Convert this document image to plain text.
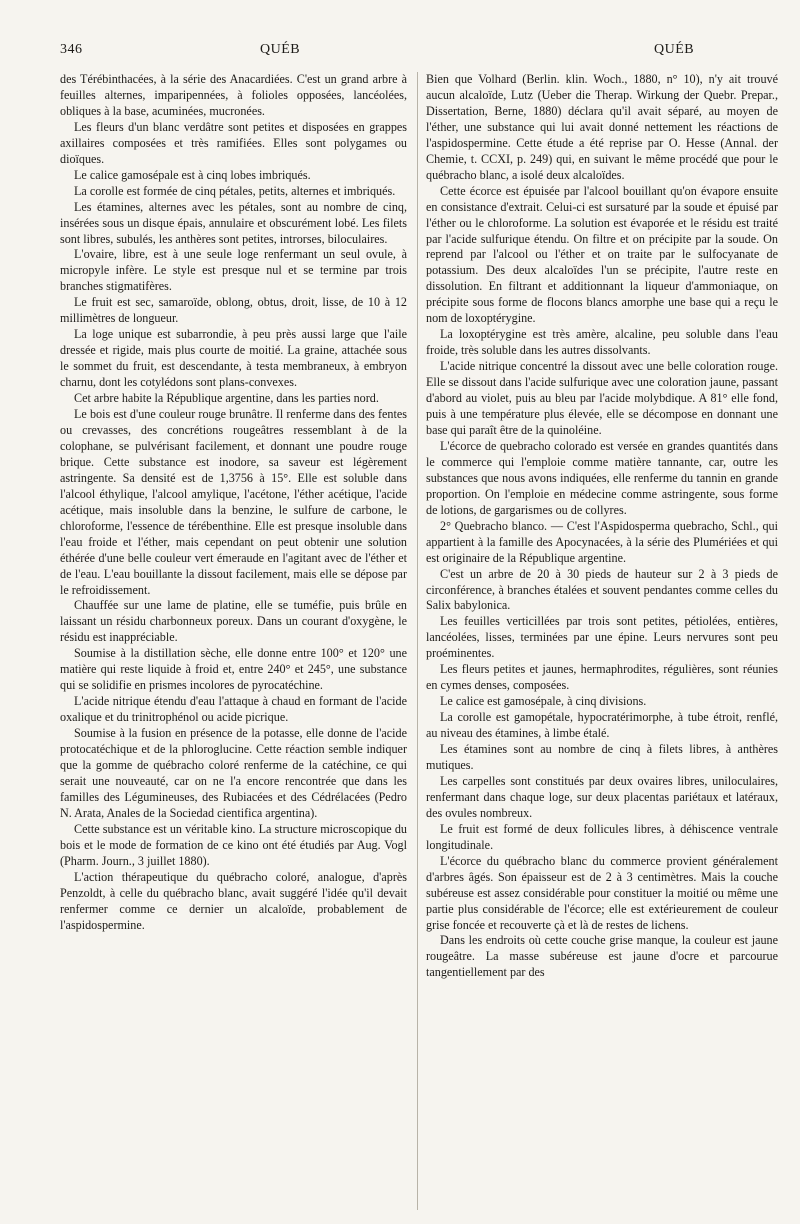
346	QUÉB	QUÉB

des Térébinthacées, à la série des Anacardiées. C'est un grand arbre à feuilles alternes, imparipennées, à folioles opposées, lancéolées, obliques à la base, acuminées, mucronées.

Les fleurs d'un blanc verdâtre sont petites et disposées en grappes axillaires composées et très ramifiées. Elles sont polygames ou dioïques.

Le calice gamosépale est à cinq lobes imbriqués.

La corolle est formée de cinq pétales, petits, alternes et imbriqués.

Les étamines, alternes avec les pétales, sont au nombre de cinq, insérées sous un disque épais, annulaire et obscurément lobé. Les filets sont libres, subulés, les anthères sont petites, introrses, biloculaires.

L'ovaire, libre, est à une seule loge renfermant un seul ovule, à micropyle infère. Le style est presque nul et se termine par trois branches stigmatifères.

Le fruit est sec, samaroïde, oblong, obtus, droit, lisse, de 10 à 12 millimètres de longueur.

La loge unique est subarrondie, à peu près aussi large que l'aile dressée et rigide, mais plus courte de moitié. La graine, attachée sous le sommet du fruit, est descendante, à testa membraneux, à embryon charnu, dont les cotylédons sont plans-convexes.

Cet arbre habite la République argentine, dans les parties nord.

Le bois est d'une couleur rouge brunâtre. Il renferme dans des fentes ou crevasses, des concrétions rougeâtres ressemblant à de la colophane, se pulvérisant facilement, et donnant une poudre rouge brique. Cette substance est inodore, sa saveur est légèrement astringente. Sa densité est de 1,3756 à 15°. Elle est soluble dans l'alcool éthylique, l'alcool amylique, l'acétone, l'éther acétique, l'acide acétique, mais insoluble dans la benzine, le sulfure de carbone, le chloroforme, l'essence de térébenthine. Elle est presque insoluble dans l'eau froide et l'éther, mais cependant on peut obtenir une solution éthérée d'une belle couleur vert émeraude en l'agitant avec de l'éther et de l'eau. L'eau bouillante la dissout facilement, mais elle se dépose par le refroidissement.

Chauffée sur une lame de platine, elle se tuméfie, puis brûle en laissant un résidu charbonneux poreux. Dans un courant d'oxygène, le résidu est inappréciable.

Soumise à la distillation sèche, elle donne entre 100° et 120° une matière qui reste liquide à froid et, entre 240° et 245°, une substance qui se solidifie en prismes incolores de pyrocatéchine.

L'acide nitrique étendu d'eau l'attaque à chaud en formant de l'acide oxalique et du trinitrophénol ou acide picrique.

Soumise à la fusion en présence de la potasse, elle donne de l'acide protocatéchique et de la phloroglucine. Cette réaction semble indiquer que la gomme de québracho coloré renferme de la catéchine, ce qui serait une nouveauté, car on ne l'a encore rencontrée que dans les familles des Légumineuses, des Rubiacées et des Cédrélacées (Pedro N. Arata, Anales de la Sociedad cientifica argentina).

Cette substance est un véritable kino. La structure microscopique du bois et le mode de formation de ce kino ont été étudiés par Aug. Vogl (Pharm. Journ., 3 juillet 1880).

L'action thérapeutique du québracho coloré, analogue, d'après Penzoldt, à celle du québracho blanc, avait suggéré l'idée qu'il devait renfermer comme ce dernier un alcaloïde, probablement de l'aspidospermine.

Bien que Volhard (Berlin. klin. Woch., 1880, n° 10), n'y ait trouvé aucun alcaloïde, Lutz (Ueber die Therap. Wirkung der Quebr. Prepar., Dissertation, Berne, 1880) déclara qu'il avait séparé, au moyen de l'éther, une substance qui lui avait donné nettement les réactions de l'aspidospermine. Cette étude a été reprise par O. Hesse (Annal. der Chemie, t. CCXI, p. 249) qui, en suivant le même procédé que pour le québracho blanc, a isolé deux alcaloïdes.

Cette écorce est épuisée par l'alcool bouillant qu'on évapore ensuite en consistance d'extrait. Celui-ci est sursaturé par la soude et épuisé par l'éther ou le chloroforme. La solution est évaporée et le résidu est traité par l'acide sulfurique étendu. On filtre et on précipite par la soude. On reprend par l'alcool ou l'éther et on traite par le sulfocyanate de potassium. Des deux alcaloïdes l'un se précipite, l'autre reste en dissolution. En filtrant et additionnant la liqueur d'ammoniaque, on précipite sous forme de flocons blancs amorphe une base qui a reçu le nom de loxoptérygine.

La loxoptérygine est très amère, alcaline, peu soluble dans l'eau froide, très soluble dans les autres dissolvants.

L'acide nitrique concentré la dissout avec une belle coloration rouge. Elle se dissout dans l'acide sulfurique avec une coloration jaune, passant d'abord au violet, puis au bleu par l'acide molybdique. A 81° elle fond, puis à une température plus élevée, elle se décompose en donnant une base qui paraît être de la quinoléine.

L'écorce de quebracho colorado est versée en grandes quantités dans le commerce qui l'emploie comme matière tannante, car, outre les substances que nous avons indiquées, elle renferme du tannin en grande proportion. On l'emploie en médecine comme astringente, sous forme de lotions, de gargarismes ou de collyres.

2° Quebracho blanco. — C'est l'Aspidosperma quebracho, Schl., qui appartient à la famille des Apocynacées, à la série des Plumériées et qui est originaire de la République argentine.

C'est un arbre de 20 à 30 pieds de hauteur sur 2 à 3 pieds de circonférence, à branches étalées et souvent pendantes comme celles du Salix babylonica.

Les feuilles verticillées par trois sont petites, pétiolées, entières, lancéolées, lisses, terminées par une épine. Leurs nervures sont peu proéminentes.

Les fleurs petites et jaunes, hermaphrodites, régulières, sont réunies en cymes denses, composées.

Le calice est gamosépale, à cinq divisions.

La corolle est gamopétale, hypocratérimorphe, à tube étroit, renflé, au niveau des étamines, à limbe étalé.

Les étamines sont au nombre de cinq à filets libres, à anthères mutiques.

Les carpelles sont constitués par deux ovaires libres, uniloculaires, renfermant dans chaque loge, sur deux placentas pariétaux et latéraux, des ovules nombreux.

Le fruit est formé de deux follicules libres, à déhiscence ventrale longitudinale.

L'écorce du québracho blanc du commerce provient généralement d'arbres âgés. Son épaisseur est de 2 à 3 centimètres. Mais la couche subéreuse est assez considérable pour constituer la moitié ou même une partie plus considérable de l'écorce; elle est extérieurement de couleur grise foncée et recouverte çà et là de restes de lichens.

Dans les endroits où cette couche grise manque, la couleur est jaune rougeâtre. La masse subéreuse est jaune d'ocre et parcourue tangentiellement par des
